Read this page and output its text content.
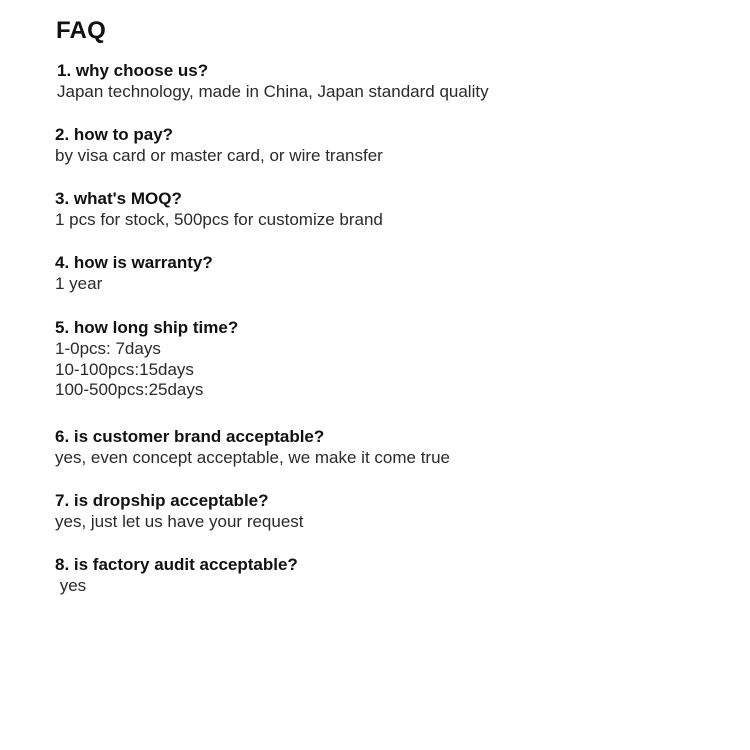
FAQ
1. why choose us?
Japan technology, made in China, Japan standard quality
2. how to pay?
by visa card or master card, or wire transfer
3. what's MOQ?
1 pcs for stock, 500pcs for customize brand
4. how is warranty?
1 year
5. how long ship time?
1-0pcs: 7days
10-100pcs:15days
100-500pcs:25days
6. is customer brand acceptable?
yes, even concept acceptable, we make it come true
7. is dropship acceptable?
yes, just let us have your request
8. is factory audit acceptable?
yes
